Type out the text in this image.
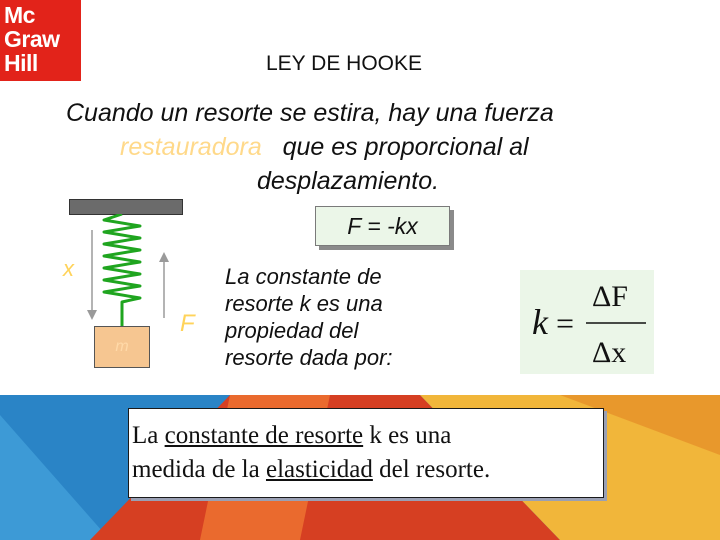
Mc
Graw
Hill	LEY DE HOOKE
Cuando un resorte se estira, hay una fuerza
restauradora que es proporcional al
desplazamiento.
m
x
F
F = -kx
La constante de
resorte k es una
propiedad del
resorte dada por:
k =
ΔF
Δx
La constante de resorte k es una
medida de la elasticidad del resorte.
